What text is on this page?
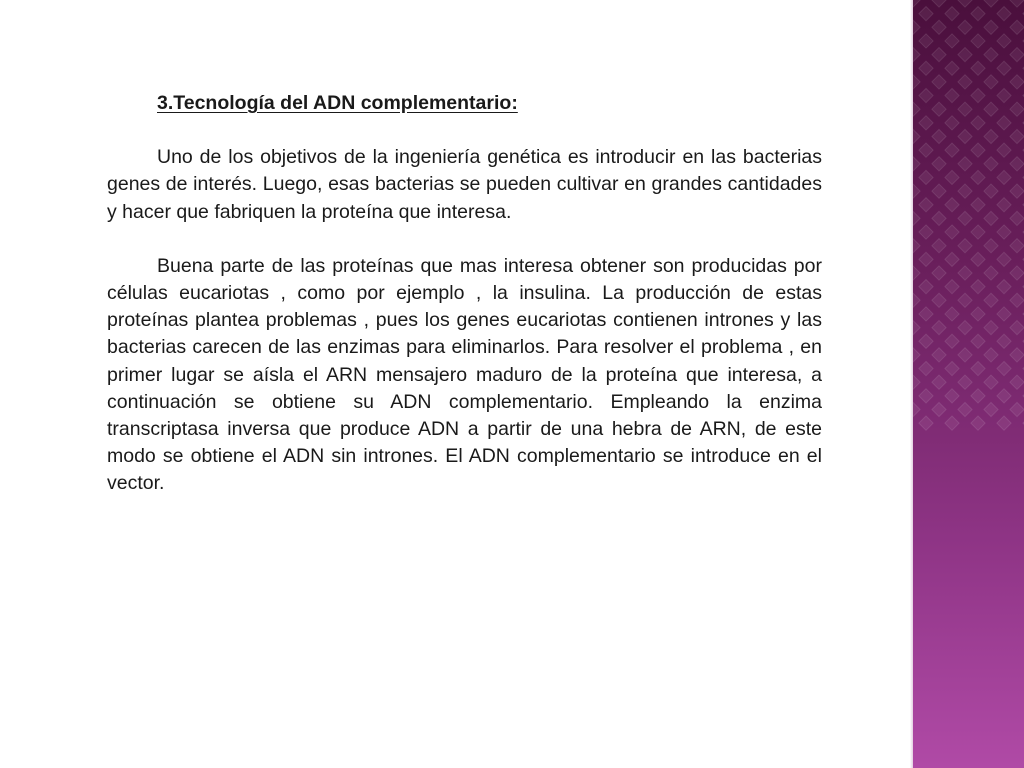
3.Tecnología del ADN complementario:

Uno de los objetivos de la ingeniería genética es introducir en las bacterias genes de interés. Luego, esas bacterias se pueden cultivar en grandes cantidades y hacer que fabriquen la proteína que interesa.

Buena parte de las proteínas que mas interesa obtener son producidas por células eucariotas , como por ejemplo , la insulina. La producción de estas proteínas plantea problemas , pues los genes eucariotas contienen intrones y las bacterias carecen de las enzimas para eliminarlos. Para resolver el problema , en primer lugar se aísla el ARN mensajero maduro de la proteína que interesa, a continuación se obtiene su ADN complementario. Empleando la enzima transcriptasa inversa que produce ADN a partir de una hebra de ARN, de este modo se obtiene el ADN sin intrones. El ADN complementario se introduce en el vector.
